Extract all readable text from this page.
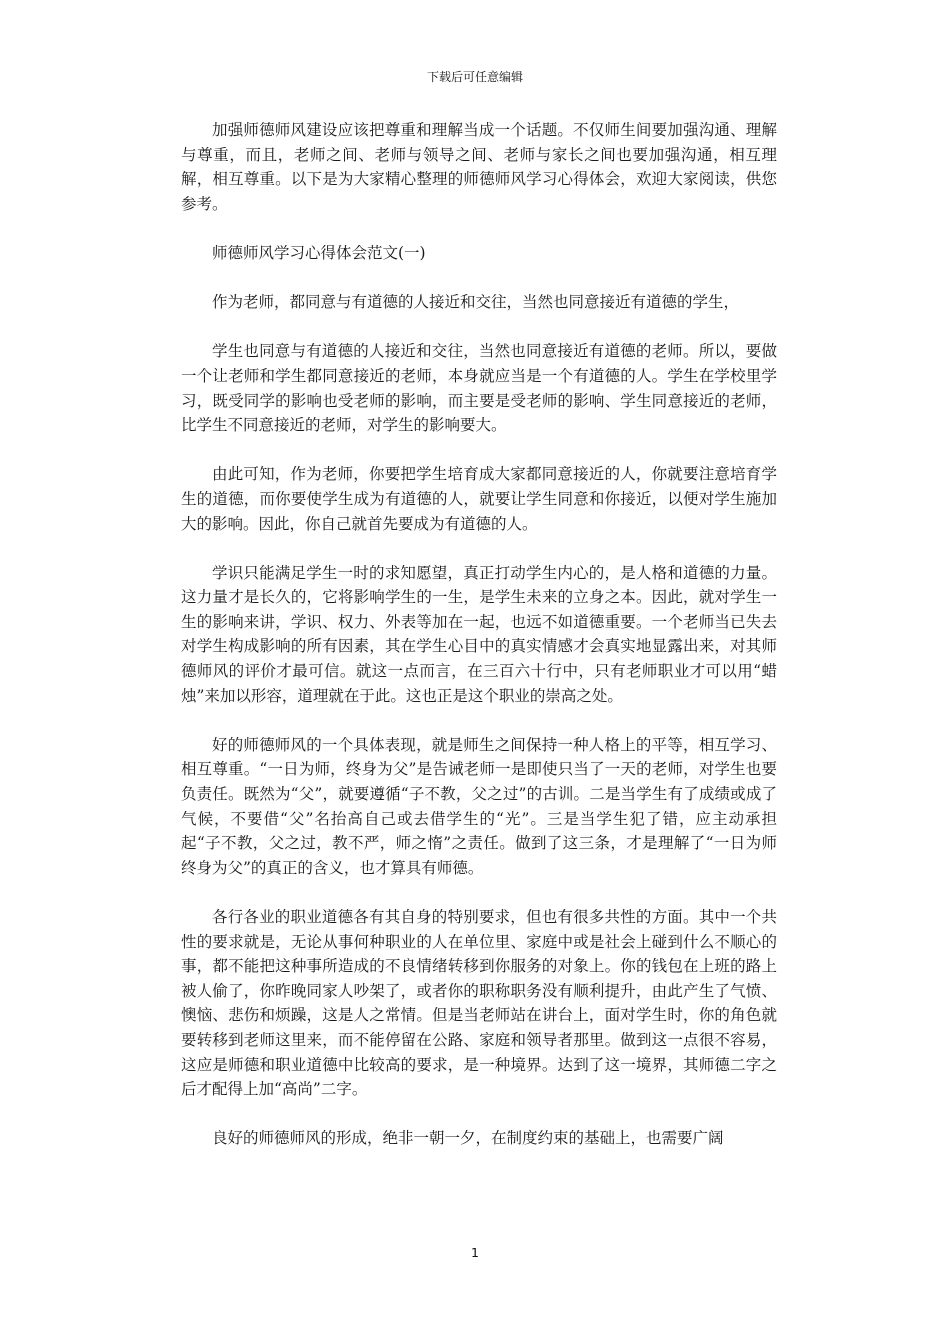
下载后可任意编辑

加强师德师风建设应该把尊重和理解当成一个话题。不仅师生间要加强沟通、理解与尊重，而且，老师之间、老师与领导之间、老师与家长之间也要加强沟通，相互理解，相互尊重。以下是为大家精心整理的师德师风学习心得体会，欢迎大家阅读，供您参考。

师德师风学习心得体会范文(一)

作为老师，都同意与有道德的人接近和交往，当然也同意接近有道德的学生，

学生也同意与有道德的人接近和交往，当然也同意接近有道德的老师。所以，要做一个让老师和学生都同意接近的老师，本身就应当是一个有道德的人。学生在学校里学习，既受同学的影响也受老师的影响，而主要是受老师的影响、学生同意接近的老师，比学生不同意接近的老师，对学生的影响要大。

由此可知，作为老师，你要把学生培育成大家都同意接近的人，你就要注意培育学生的道德，而你要使学生成为有道德的人，就要让学生同意和你接近，以便对学生施加大的影响。因此，你自己就首先要成为有道德的人。

学识只能满足学生一时的求知愿望，真正打动学生内心的，是人格和道德的力量。这力量才是长久的，它将影响学生的一生，是学生未来的立身之本。因此，就对学生一生的影响来讲，学识、权力、外表等加在一起，也远不如道德重要。一个老师当已失去对学生构成影响的所有因素，其在学生心目中的真实情感才会真实地显露出来，对其师德师风的评价才最可信。就这一点而言，在三百六十行中，只有老师职业才可以用“蜡烛”来加以形容，道理就在于此。这也正是这个职业的崇高之处。

好的师德师风的一个具体表现，就是师生之间保持一种人格上的平等，相互学习、相互尊重。“一日为师，终身为父”是告诫老师一是即使只当了一天的老师，对学生也要负责任。既然为“父”，就要遵循“子不教，父之过”的古训。二是当学生有了成绩或成了气候，不要借“父”名抬高自己或去借学生的“光”。三是当学生犯了错，应主动承担起“子不教，父之过，教不严，师之惰”之责任。做到了这三条，才是理解了“一日为师终身为父”的真正的含义，也才算具有师德。

各行各业的职业道德各有其自身的特别要求，但也有很多共性的方面。其中一个共性的要求就是，无论从事何种职业的人在单位里、家庭中或是社会上碰到什么不顺心的事，都不能把这种事所造成的不良情绪转移到你服务的对象上。你的钱包在上班的路上被人偷了，你昨晚同家人吵架了，或者你的职称职务没有顺利提升，由此产生了气愤、懊恼、悲伤和烦躁，这是人之常情。但是当老师站在讲台上，面对学生时，你的角色就要转移到老师这里来，而不能停留在公路、家庭和领导者那里。做到这一点很不容易，这应是师德和职业道德中比较高的要求，是一种境界。达到了这一境界，其师德二字之后才配得上加“高尚”二字。

良好的师德师风的形成，绝非一朝一夕，在制度约束的基础上，也需要广阔

1
